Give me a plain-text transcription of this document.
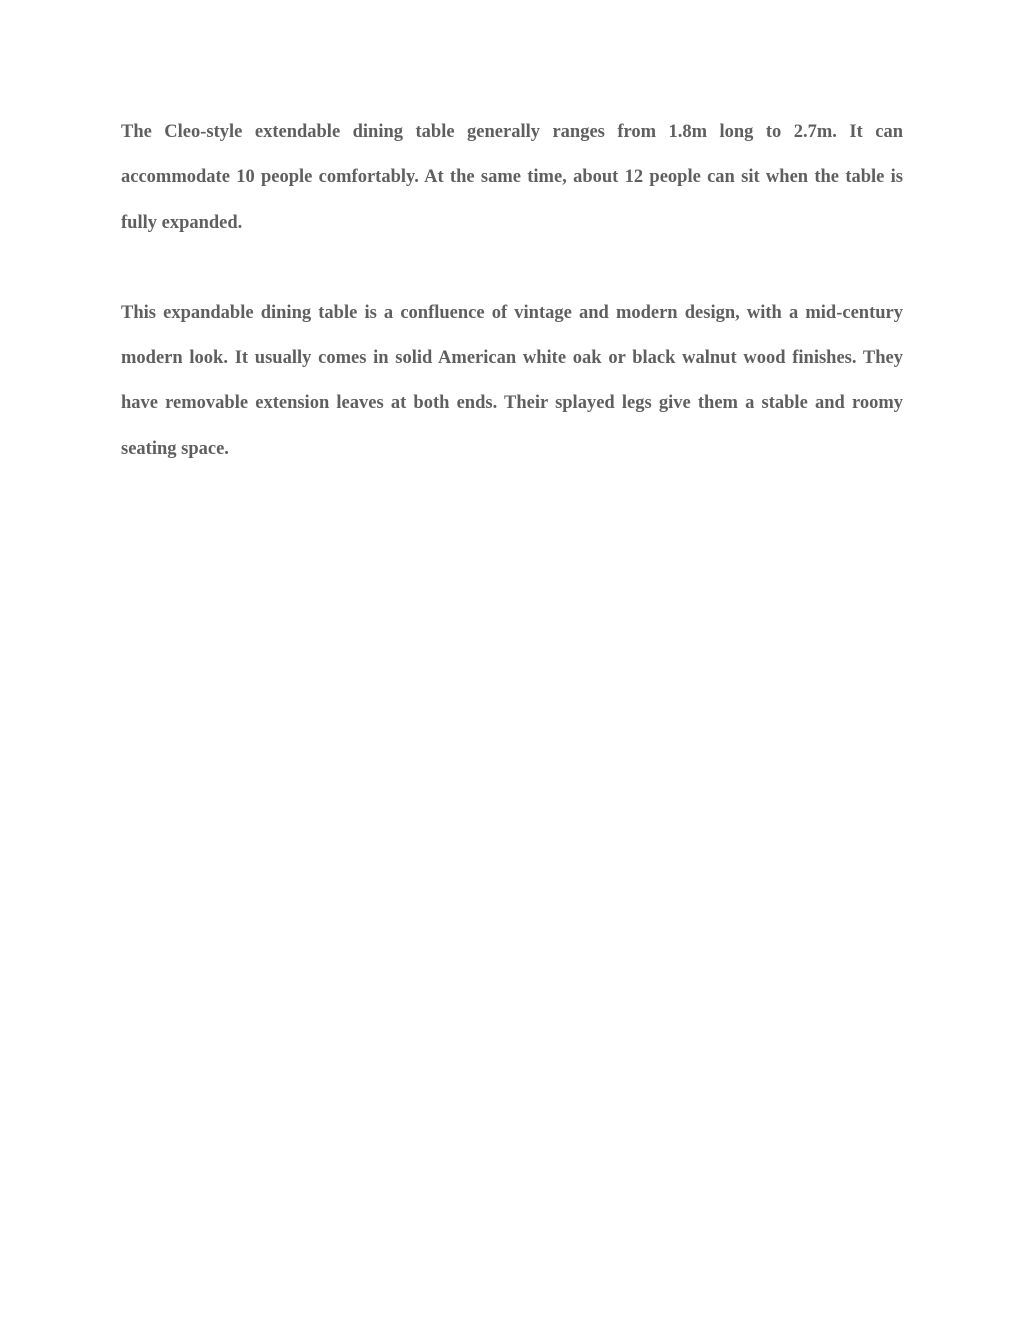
The Cleo-style extendable dining table generally ranges from 1.8m long to 2.7m. It can accommodate 10 people comfortably. At the same time, about 12 people can sit when the table is fully expanded.

This expandable dining table is a confluence of vintage and modern design, with a mid-century modern look. It usually comes in solid American white oak or black walnut wood finishes. They have removable extension leaves at both ends. Their splayed legs give them a stable and roomy seating space.
